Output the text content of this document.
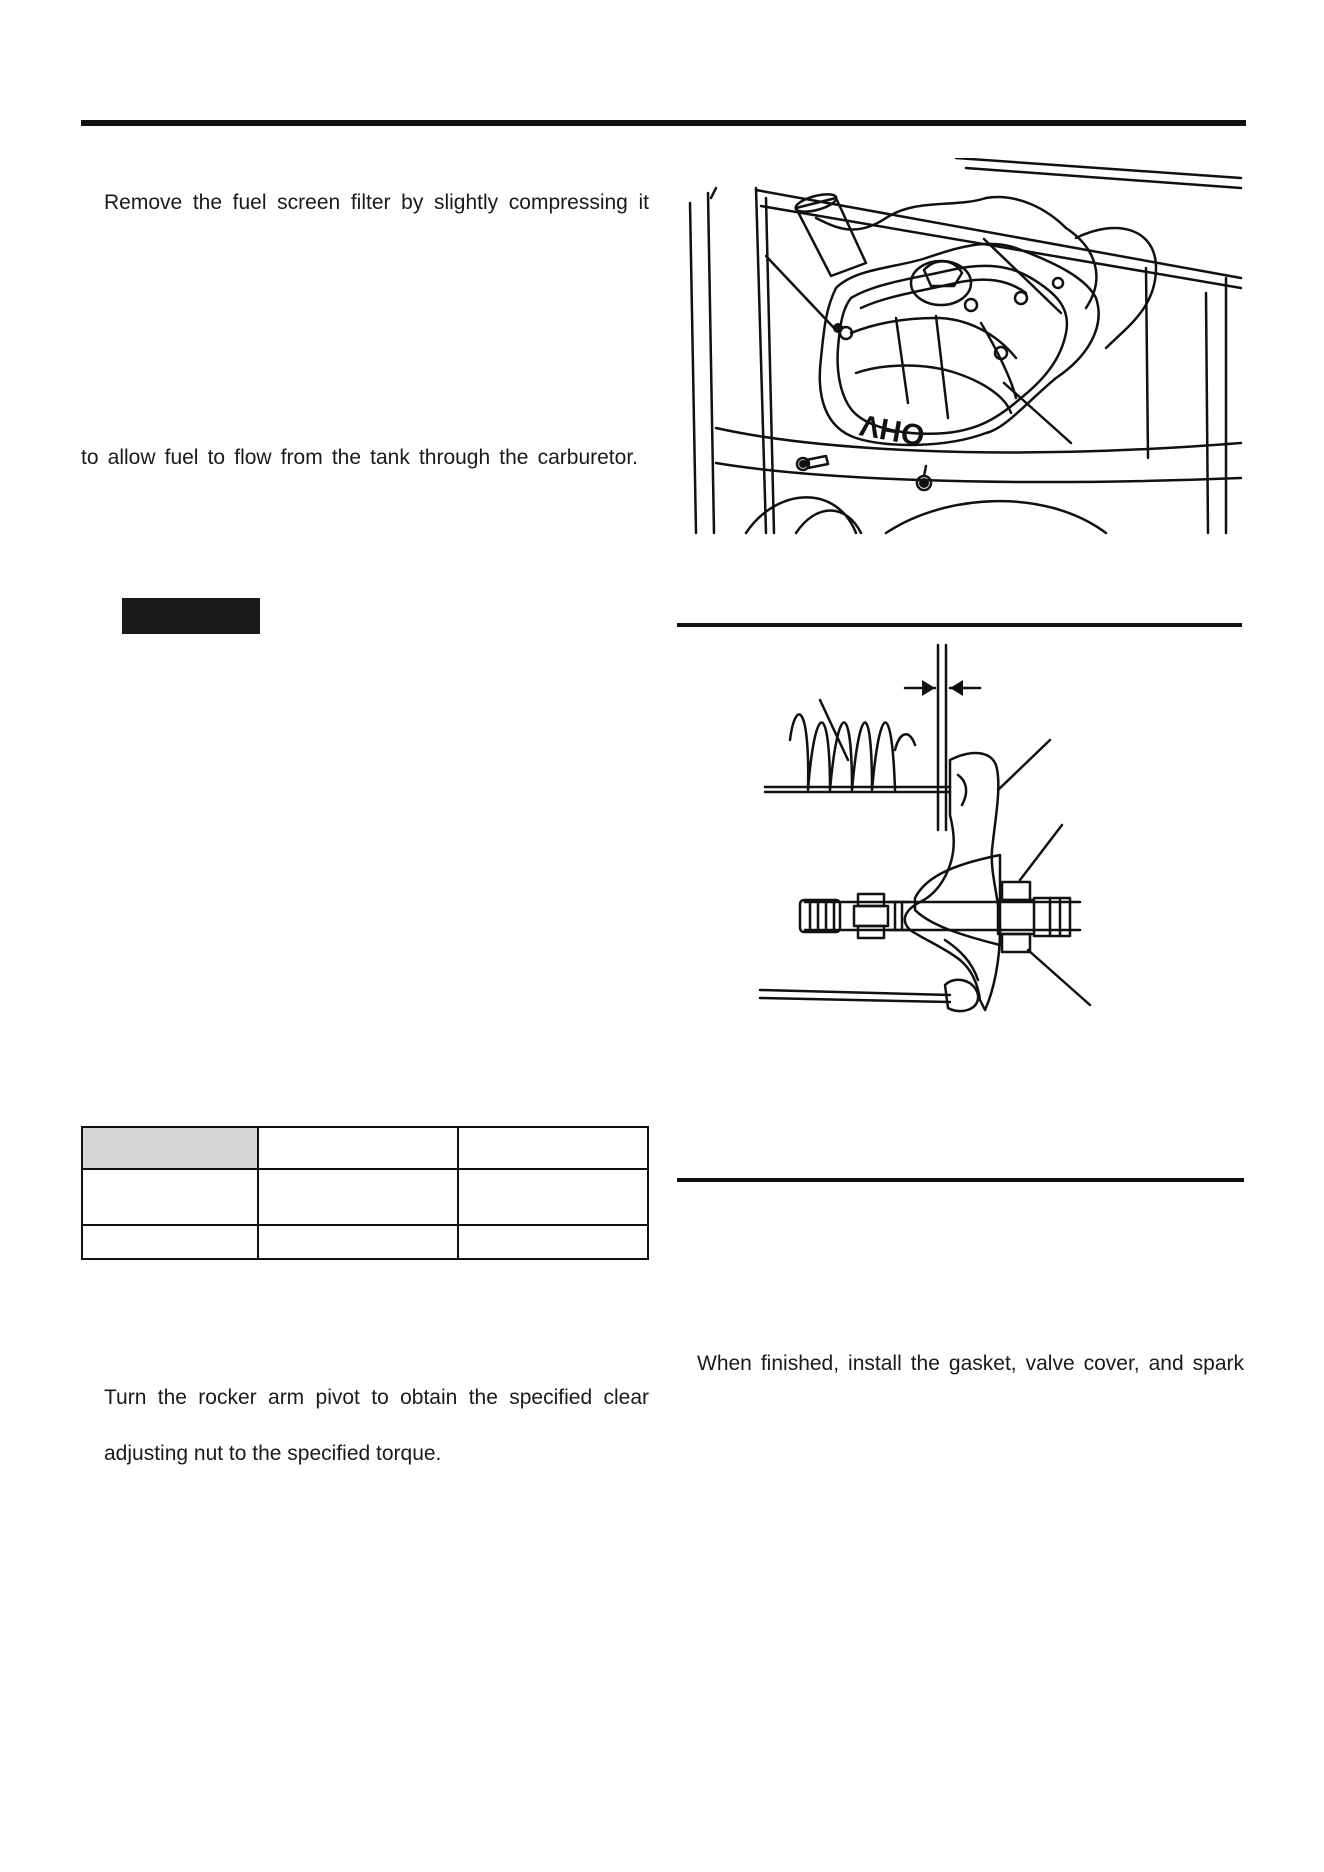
Remove the fuel screen filter by slightly compressing it
to allow fuel to flow from the tank through the carburetor.

Turn the rocker arm pivot to obtain the specified clear
adjusting nut to the specified torque.
OHV
When finished, install the gasket, valve cover, and spark
